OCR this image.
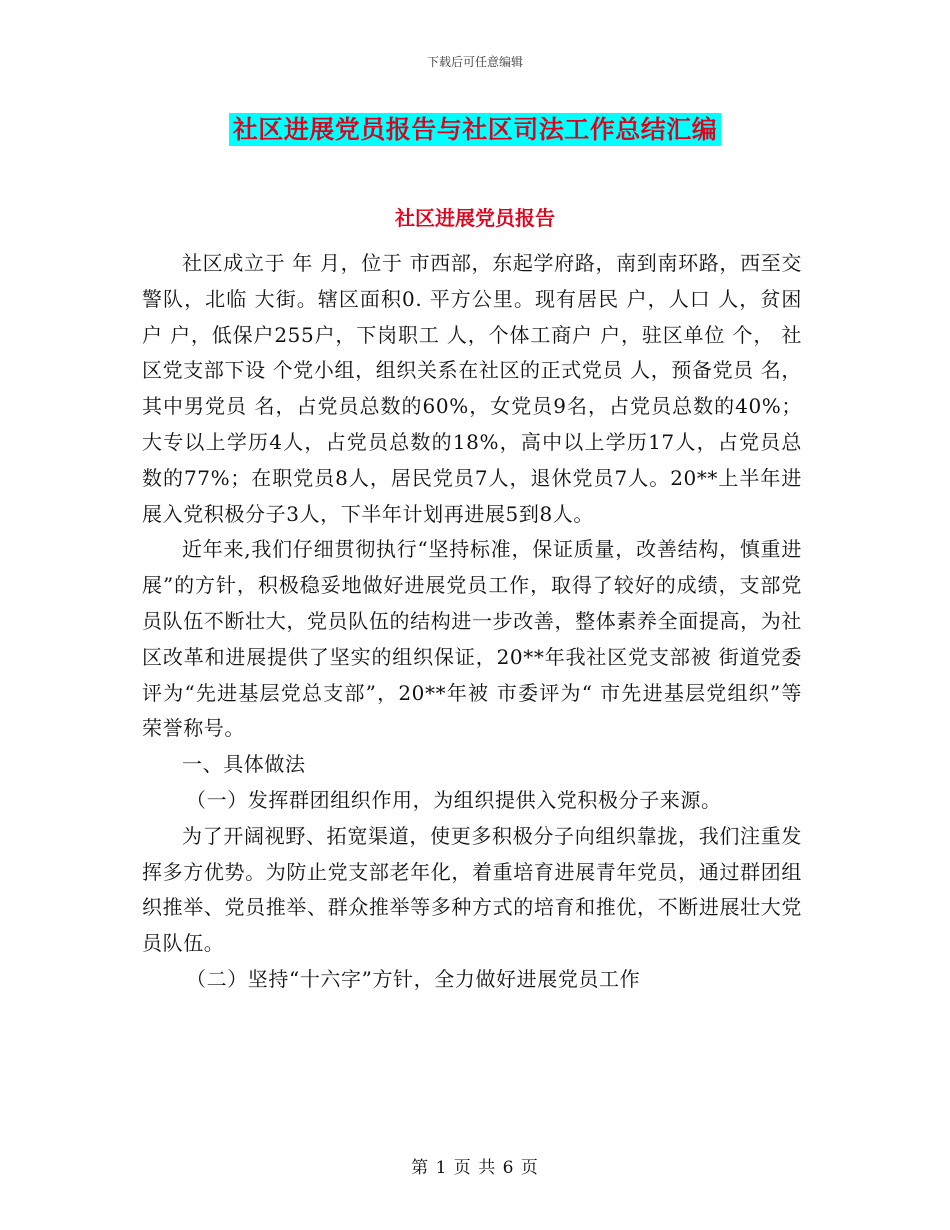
下载后可任意编辑
社区进展党员报告与社区司法工作总结汇编
社区进展党员报告

社区成立于 年 月，位于 市西部，东起学府路，南到南环路，西至交警队，北临 大街。辖区面积0. 平方公里。现有居民 户，人口 人，贫困户 户，低保户255户，下岗职工 人，个体工商户 户，驻区单位 个， 社区党支部下设 个党小组，组织关系在社区的正式党员 人，预备党员 名，其中男党员 名，占党员总数的60%，女党员9名，占党员总数的40%；大专以上学历4人，占党员总数的18%，高中以上学历17人，占党员总数的77%；在职党员8人，居民党员7人，退休党员7人。20**上半年进展入党积极分子3人，下半年计划再进展5到8人。

近年来,我们仔细贯彻执行“坚持标准，保证质量，改善结构，慎重进展”的方针，积极稳妥地做好进展党员工作，取得了较好的成绩，支部党员队伍不断壮大，党员队伍的结构进一步改善，整体素养全面提高，为社区改革和进展提供了坚实的组织保证，20**年我社区党支部被 街道党委评为“先进基层党总支部”，20**年被 市委评为“ 市先进基层党组织”等荣誉称号。

一、具体做法

（一）发挥群团组织作用，为组织提供入党积极分子来源。

为了开阔视野、拓宽渠道，使更多积极分子向组织靠拢，我们注重发挥多方优势。为防止党支部老年化，着重培育进展青年党员，通过群团组织推举、党员推举、群众推举等多种方式的培育和推优，不断进展壮大党员队伍。

（二）坚持“十六字”方针，全力做好进展党员工作

第 1 页 共 6 页
